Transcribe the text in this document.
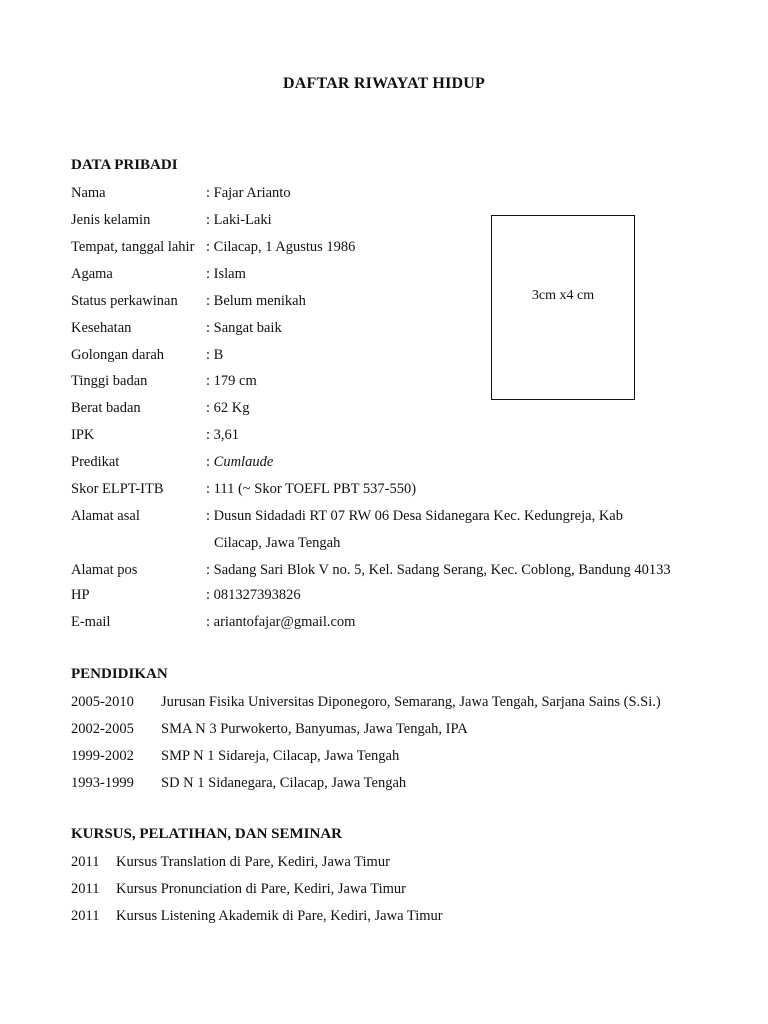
DAFTAR RIWAYAT HIDUP
DATA PRIBADI
3cm x4 cm
Nama	: Fajar Arianto
Jenis kelamin	: Laki-Laki
Tempat, tanggal lahir : Cilacap, 1 Agustus 1986
Agama	: Islam
Status perkawinan : Belum menikah
Kesehatan	: Sangat baik
Golongan darah	: B
Tinggi badan	: 179 cm
Berat badan	: 62 Kg
IPK	: 3,61
Predikat	: Cumlaude
Skor ELPT-ITB	: 111 (~ Skor TOEFL PBT 537-550)
Alamat asal	: Dusun Sidadadi RT 07 RW 06 Desa Sidanegara Kec. Kedungreja, Kab
Cilacap, Jawa Tengah
Alamat pos	: Sadang Sari Blok V no. 5, Kel. Sadang Serang, Kec. Coblong, Bandung 40133
HP	: 081327393826
E-mail	: ariantofajar@gmail.com
PENDIDIKAN
2005-2010 Jurusan Fisika Universitas Diponegoro, Semarang, Jawa Tengah, Sarjana Sains (S.Si.)
2002-2005 SMA N 3 Purwokerto, Banyumas, Jawa Tengah, IPA
1999-2002 SMP N 1 Sidareja, Cilacap, Jawa Tengah
1993-1999 SD N 1 Sidanegara, Cilacap, Jawa Tengah
KURSUS, PELATIHAN, DAN SEMINAR
2011 Kursus Translation di Pare, Kediri, Jawa Timur
2011 Kursus Pronunciation di Pare, Kediri, Jawa Timur
2011 Kursus Listening Akademik di Pare, Kediri, Jawa Timur
